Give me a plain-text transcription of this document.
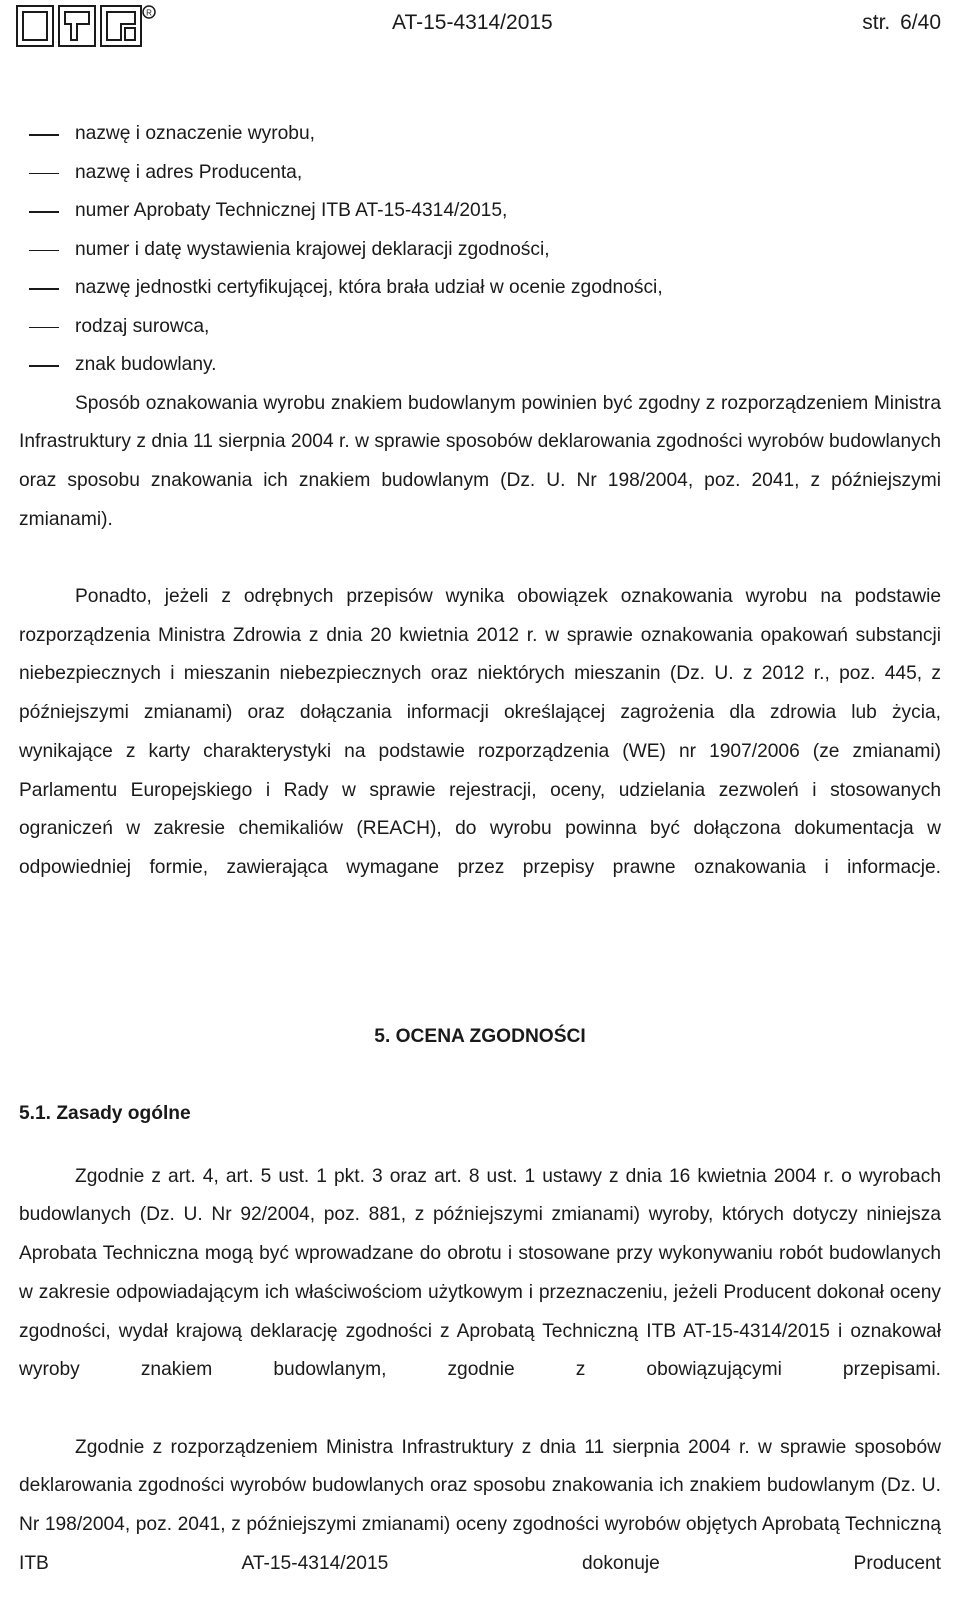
R	AT-15-4314/2015	str. 6/40
nazwę i oznaczenie wyrobu,
nazwę i adres Producenta,
numer Aprobaty Technicznej ITB AT-15-4314/2015,
numer i datę wystawienia krajowej deklaracji zgodności,
nazwę jednostki certyfikującej, która brała udział w ocenie zgodności,
rodzaj surowca,
znak budowlany.

Sposób oznakowania wyrobu znakiem budowlanym powinien być zgodny z rozporządzeniem Ministra Infrastruktury z dnia 11 sierpnia 2004 r. w sprawie sposobów deklarowania zgodności wyrobów budowlanych oraz sposobu znakowania ich znakiem budowlanym (Dz. U. Nr 198/2004, poz. 2041, z późniejszymi zmianami).

Ponadto, jeżeli z odrębnych przepisów wynika obowiązek oznakowania wyrobu na podstawie rozporządzenia Ministra Zdrowia z dnia 20 kwietnia 2012 r. w sprawie oznakowania opakowań substancji niebezpiecznych i mieszanin niebezpiecznych oraz niektórych mieszanin (Dz. U. z 2012 r., poz. 445, z późniejszymi zmianami) oraz dołączania informacji określającej zagrożenia dla zdrowia lub życia, wynikające z karty charakterystyki na podstawie rozporządzenia (WE) nr 1907/2006 (ze zmianami) Parlamentu Europejskiego i Rady w sprawie rejestracji, oceny, udzielania zezwoleń i stosowanych ograniczeń w zakresie chemikaliów (REACH), do wyrobu powinna być dołączona dokumentacja w odpowiedniej formie, zawierająca wymagane przez przepisy prawne oznakowania i informacje.

5. OCENA ZGODNOŚCI
5.1. Zasady ogólne

Zgodnie z art. 4, art. 5 ust. 1 pkt. 3 oraz art. 8 ust. 1 ustawy z dnia 16 kwietnia 2004 r. o wyrobach budowlanych (Dz. U. Nr 92/2004, poz. 881, z późniejszymi zmianami) wyroby, których dotyczy niniejsza Aprobata Techniczna mogą być wprowadzane do obrotu i stosowane przy wykonywaniu robót budowlanych w zakresie odpowiadającym ich właściwościom użytkowym i przeznaczeniu, jeżeli Producent dokonał oceny zgodności, wydał krajową deklarację zgodności z Aprobatą Techniczną ITB AT-15-4314/2015 i oznakował wyroby znakiem budowlanym, zgodnie z obowiązującymi przepisami.

Zgodnie z rozporządzeniem Ministra Infrastruktury z dnia 11 sierpnia 2004 r. w sprawie sposobów deklarowania zgodności wyrobów budowlanych oraz sposobu znakowania ich znakiem budowlanym (Dz. U. Nr 198/2004, poz. 2041, z późniejszymi zmianami) oceny zgodności wyrobów objętych Aprobatą Techniczną ITB AT-15-4314/2015 dokonuje Producent
